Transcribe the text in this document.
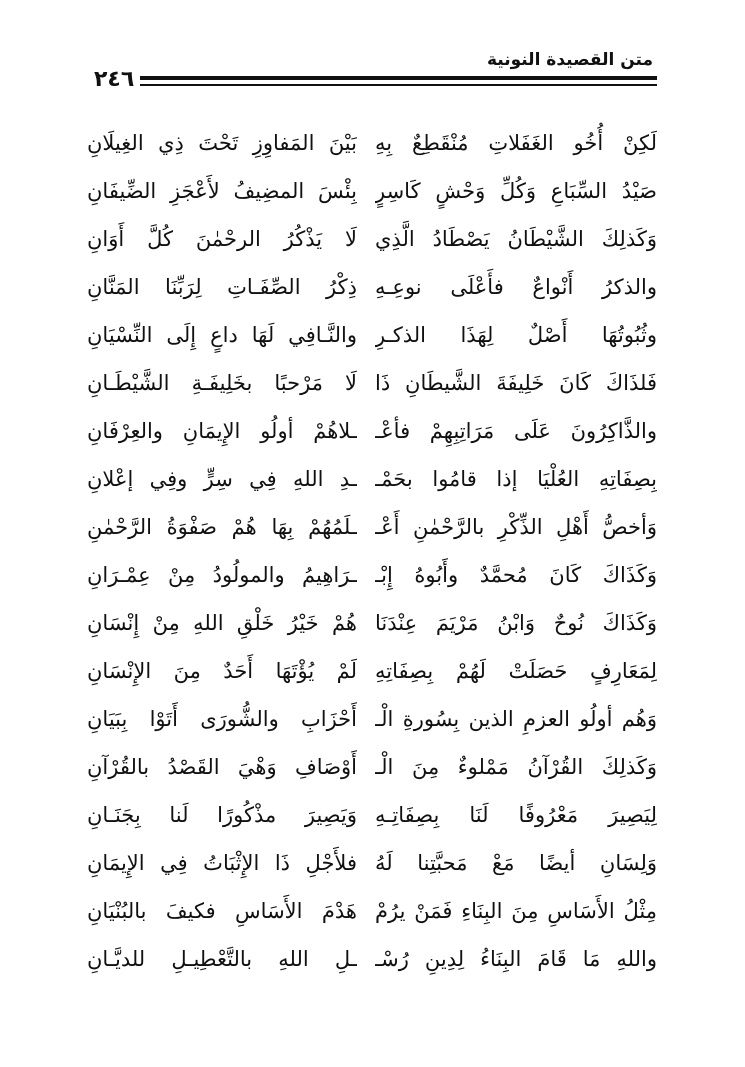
متن القصيدة النونية
٢٤٦
لَكِنْ أُخُو الغَفَلاتِ مُنْقَطِعٌ بِهِ
بَيْنَ المَفاوِزِ تَحْتَ ذِي الغِيلَانِ
صَيْدُ السِّبَاعِ وَكُلِّ وَحْشٍ كَاسِرٍ
بِئْسَ المضِيفُ لأَعْجَزِ الضِّيفَانِ
وَكَذلِكَ الشَّيْطَانُ يَصْطَادُ الَّذِي
لَا يَذْكُرُ الرحْمٰنَ كُلَّ أَوَانِ
والذكرُ أَنْواعٌ فأَعْلَى نوعِـهِ
ذِكْرُ الصِّفَـاتِ لِرَبِّنَا المَنَّانِ
وثُبُوتُهَا أَصْلٌ لِهَذَا الذكـرِ
والنَّـافِي لَهَا داعٍ إِلَى النِّسْيَانِ
فَلذَاكَ كَانَ خَلِيفَةَ الشَّيطَانِ ذَا
لَا مَرْحبًا بخَلِيفَـةِ الشَّيْطَـانِ
والذَّاكِرُونَ عَلَى مَرَاتِبِهِمْ فأعْـ
ـلاهُمْ أولُو الإِيمَانِ والعِرْفَانِ
بِصِفَاتِهِ العُلْيَا إذا قامُوا بحَمْـ
ـدِ اللهِ فِي سِرٍّ وفِي إعْلانِ
وَأخصُّ أَهْلِ الذِّكْرِ بالرَّحْمٰنِ أَعْـ
ـلَمُهُمْ بِهَا هُمْ صَفْوَةُ الرَّحْمٰنِ
وَكَذَاكَ كَانَ مُحمَّدٌ وأَبُوهُ إِبْـ
ـرَاهِيمُ والمولُودُ مِنْ عِمْـرَانِ
وَكَذَاكَ نُوحٌ وَابْنُ مَرْيَمَ عِنْدَنَا
هُمْ خَيْرُ خَلْقِ اللهِ مِنْ إِنْسَانِ
لِمَعَارِفٍ حَصَلَتْ لَهُمْ بِصِفَاتِهِ
لَمْ يُؤْتَهَا أَحَدٌ مِنَ الإِنْسَانِ
وَهُم أولُو العزمِ الذين بِسُورةِ الْـ
أَحْزَابِ والشُّورَى أَتَوْا بِبَيَانِ
وَكَذلِكَ القُرْآنُ مَمْلوءٌ مِنَ الْـ
أَوْصَافِ وَهْيَ القَصْدُ بالقُرْآنِ
لِيَصِيرَ مَعْرُوفًا لَنَا بِصِفَاتِـهِ
وَيَصِيرَ مذْكُورًا لَنا بِجَنَـانِ
وَلِسَانِ أيضًا مَعْ مَحبَّتِنا لَهُ
فلأَجْلِ ذَا الإِثْبَاتُ فِي الإِيمَانِ
مِثْلُ الأَسَاسِ مِنَ البِنَاءِ فَمَنْ يرُمْ
هَدْمَ الأَسَاسِ فكيفَ بالبُنْيَانِ
واللهِ مَا قَامَ البِنَاءُ لِدِينِ رُسْـ
ـلِ اللهِ بالتَّعْطِيـلِ للديَّـانِ
